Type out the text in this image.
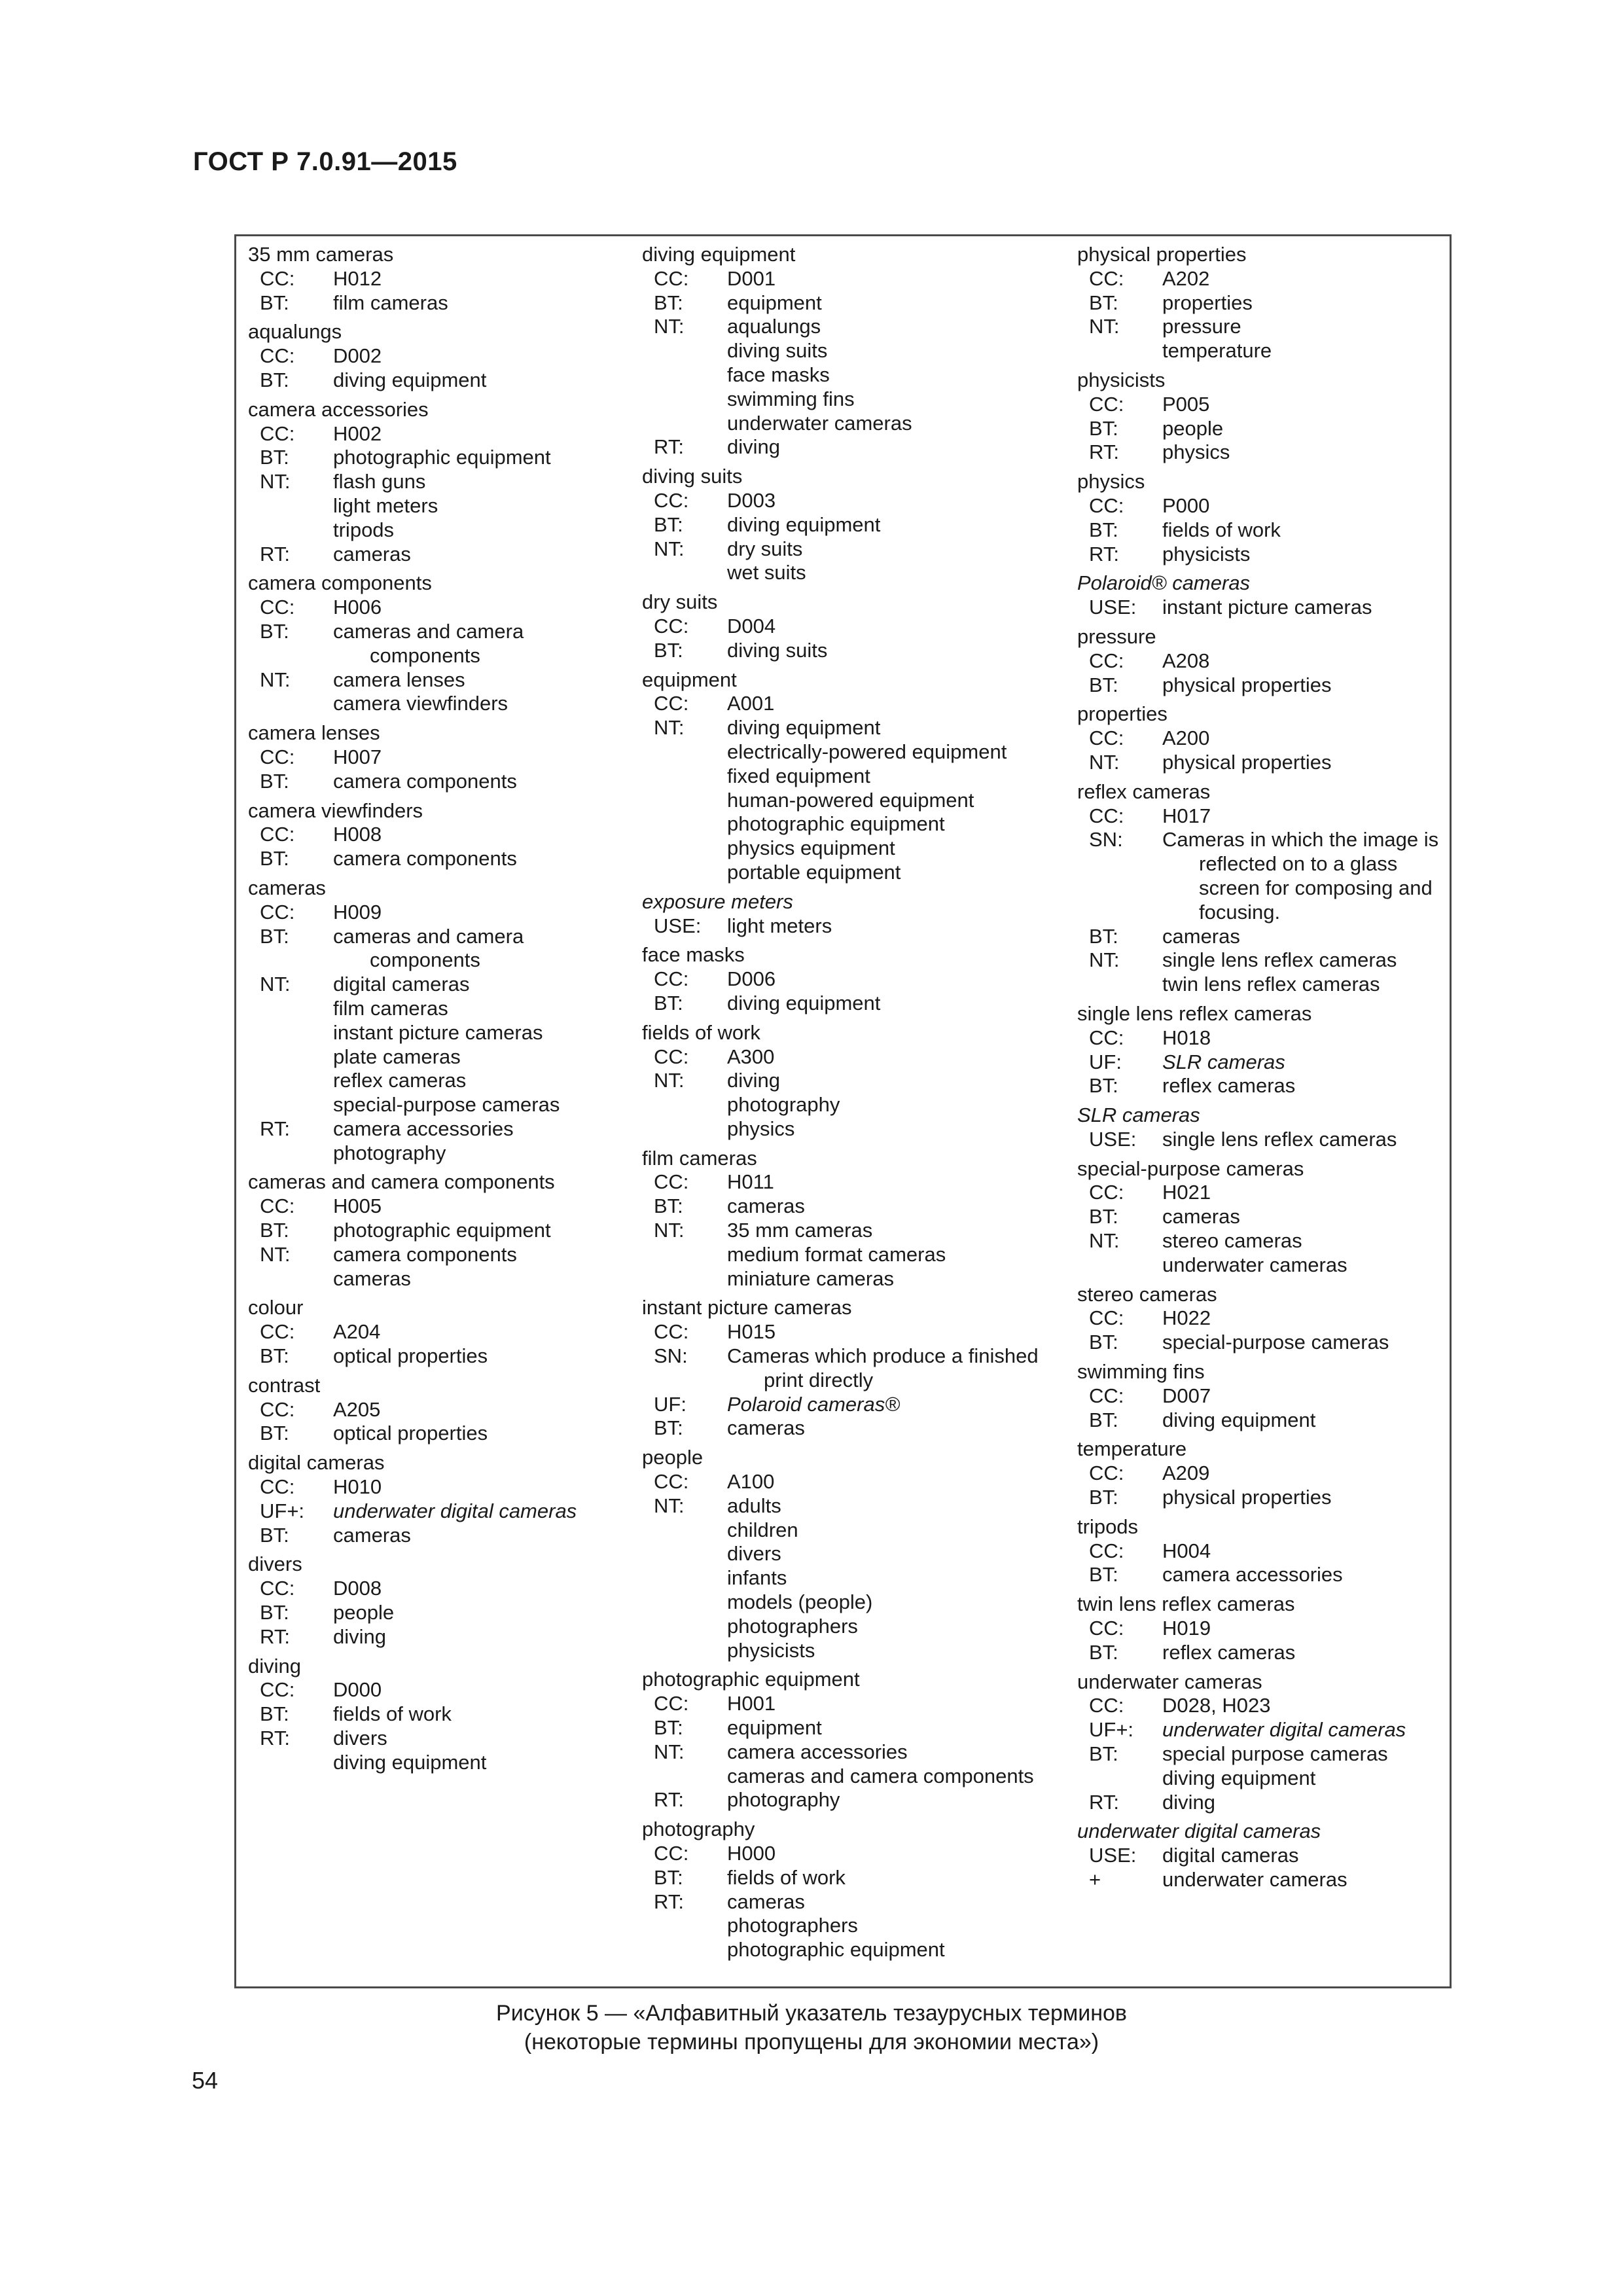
ГОСТ Р 7.0.91—2015
35 mm cameras
CC:	H012
BT:	film cameras
aqualungs
CC:	D002
BT:	diving equipment
camera accessories
CC:	H002
BT:	photographic equipment
NT:	flash guns
light meters
tripods
RT:	cameras
camera components
CC:	H006
BT:	cameras and camera
components
NT:	camera lenses
camera viewfinders
camera lenses
CC:	H007
BT:	camera components
camera viewfinders
CC:	H008
BT:	camera components
cameras
CC:	H009
BT:	cameras and camera
components
NT:	digital cameras
film cameras
instant picture cameras
plate cameras
reflex cameras
special-purpose cameras
RT:	camera accessories
photography
cameras and camera components
CC:	H005
BT:	photographic equipment
NT:	camera components
cameras
colour
CC:	A204
BT:	optical properties
contrast
CC:	A205
BT:	optical properties
digital cameras
CC:	H010
UF+:	underwater digital cameras
BT:	cameras
divers
CC:	D008
BT:	people
RT:	diving
diving
CC:	D000
BT:	fields of work
RT:	divers
diving equipment
diving equipment
CC:	D001
BT:	equipment
NT:	aqualungs
diving suits
face masks
swimming fins
underwater cameras
RT:	diving
diving suits
CC:	D003
BT:	diving equipment
NT:	dry suits
wet suits
dry suits
CC:	D004
BT:	diving suits
equipment
CC:	A001
NT:	diving equipment
electrically-powered equipment
fixed equipment
human-powered equipment
photographic equipment
physics equipment
portable equipment
exposure meters
USE:	light meters
face masks
CC:	D006
BT:	diving equipment
fields of work
CC:	A300
NT:	diving
photography
physics
film cameras
CC:	H011
BT:	cameras
NT:	35 mm cameras
medium format cameras
miniature cameras
instant picture cameras
CC:	H015
SN:	Cameras which produce a finished
print directly
UF:	Polaroid cameras®
BT:	cameras
people
CC:	A100
NT:	adults
children
divers
infants
models (people)
photographers
physicists
photographic equipment
CC:	H001
BT:	equipment
NT:	camera accessories
cameras and camera components
RT:	photography
photography
CC:	H000
BT:	fields of work
RT:	cameras
photographers
photographic equipment
physical properties
CC:	A202
BT:	properties
NT:	pressure
temperature
physicists
CC:	P005
BT:	people
RT:	physics
physics
CC:	P000
BT:	fields of work
RT:	physicists
Polaroid® cameras
USE:	instant picture cameras
pressure
CC:	A208
BT:	physical properties
properties
CC:	A200
NT:	physical properties
reflex cameras
CC:	H017
SN:	Cameras in which the image is
reflected on to a glass
screen for composing and
focusing.
BT:	cameras
NT:	single lens reflex cameras
twin lens reflex cameras
single lens reflex cameras
CC:	H018
UF:	SLR cameras
BT:	reflex cameras
SLR cameras
USE:	single lens reflex cameras
special-purpose cameras
CC:	H021
BT:	cameras
NT:	stereo cameras
underwater cameras
stereo cameras
CC:	H022
BT:	special-purpose cameras
swimming fins
CC:	D007
BT:	diving equipment
temperature
CC:	A209
BT:	physical properties
tripods
CC:	H004
BT:	camera accessories
twin lens reflex cameras
CC:	H019
BT:	reflex cameras
underwater cameras
CC:	D028, H023
UF+:	underwater digital cameras
BT:	special purpose cameras
diving equipment
RT:	diving
underwater digital cameras
USE:	digital cameras
+	underwater cameras
Рисунок 5 — «Алфавитный указатель тезаурусных терминов
(некоторые термины пропущены для экономии места»)
54
